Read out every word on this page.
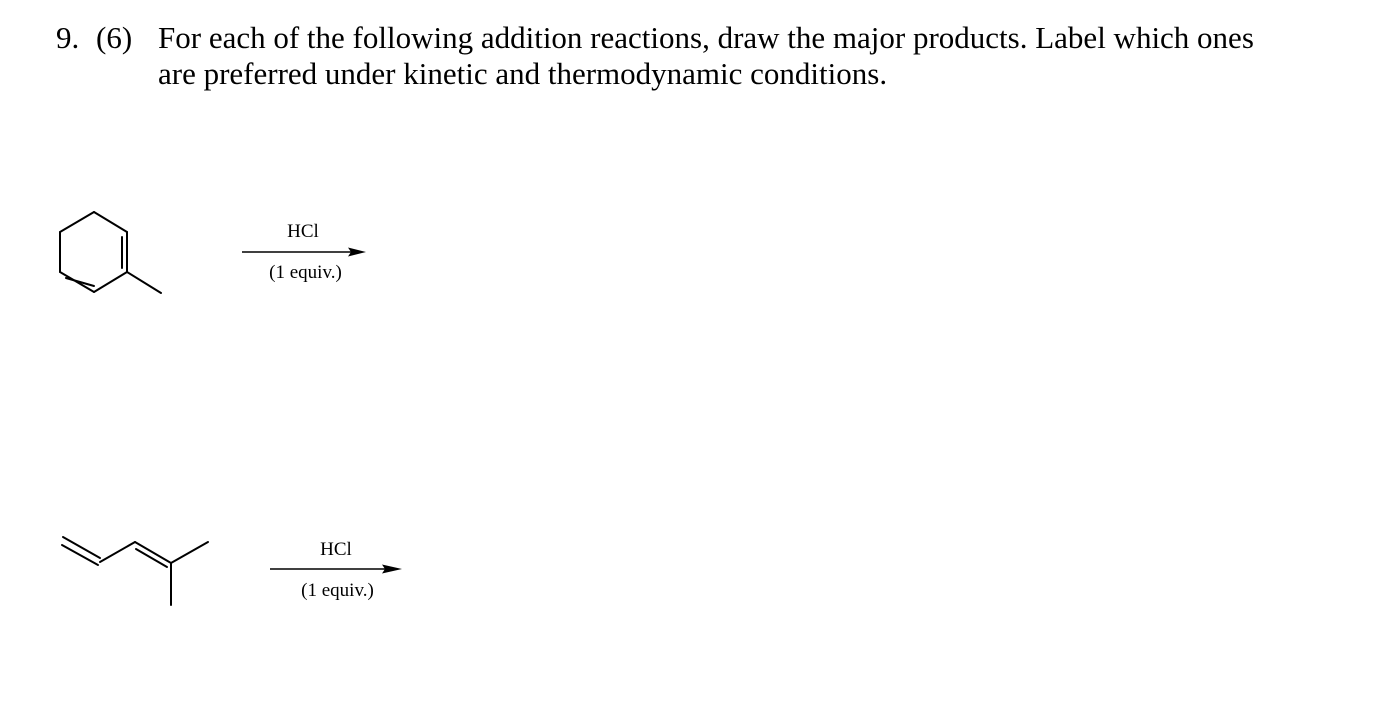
9. (6) For each of the following addition reactions, draw the major products. Label which ones
are preferred under kinetic and thermodynamic conditions.
HCl
(1 equiv.)
HCl
(1 equiv.)
